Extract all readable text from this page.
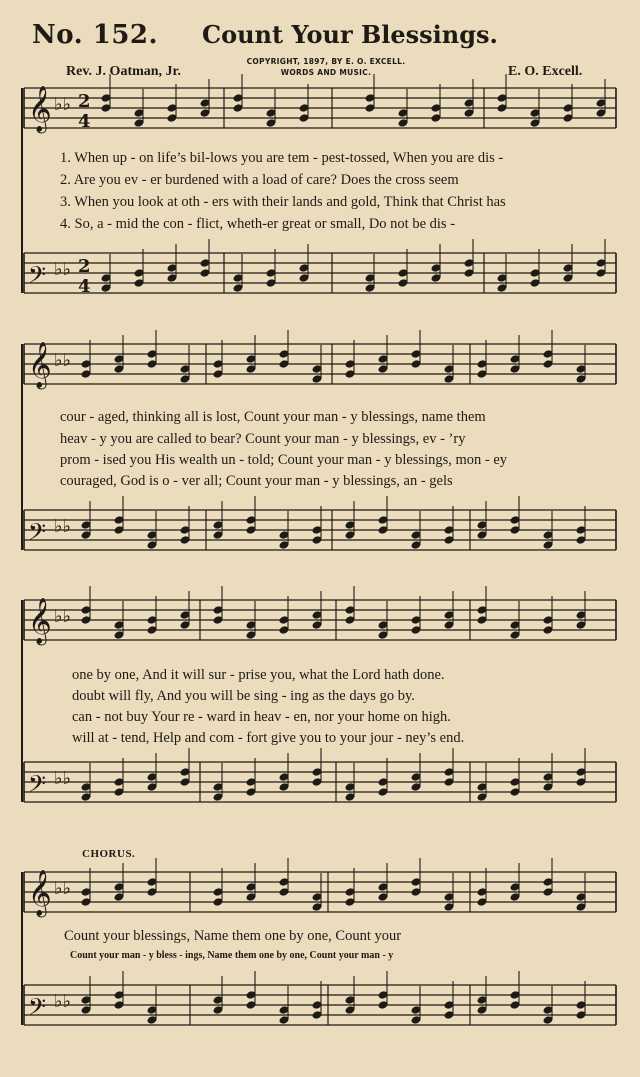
No. 152. Count Your Blessings.
Rev. J. Oatman, Jr.
COPYRIGHT, 1897, BY E. O. EXCELL.
WORDS AND MUSIC.	E. O. Excell.
𝄞 ♭♭
𝄢 ♭♭
𝄞 ♭♭
𝄢 ♭♭
𝄞 ♭♭
𝄢 ♭♭
𝄞 ♭♭
𝄢 ♭♭
2
4
2
4
1. When up - on life’s bil-lows you are tem - pest-tossed, When you are dis -
2. Are you ev - er burdened with a load of care? Does the cross seem
3. When you look at oth - ers with their lands and gold, Think that Christ has
4. So, a - mid the con - flict, wheth-er great or small, Do not be dis -
cour - aged, thinking all is lost, Count your man - y blessings, name them
heav - y you are called to bear? Count your man - y blessings, ev - ’ry
prom - ised you His wealth un - told; Count your man - y blessings, mon - ey
couraged, God is o - ver all; Count your man - y blessings, an - gels
one by one, And it will sur - prise you, what the Lord hath done.
doubt will fly, And you will be sing - ing as the days go by.
can - not buy Your re - ward in heav - en, nor your home on high.
will at - tend, Help and com - fort give you to your jour - ney’s end.
CHORUS.
Count your blessings, Name them one by one, Count your
Count your man - y bless - ings, Name them one by one, Count your man - y
